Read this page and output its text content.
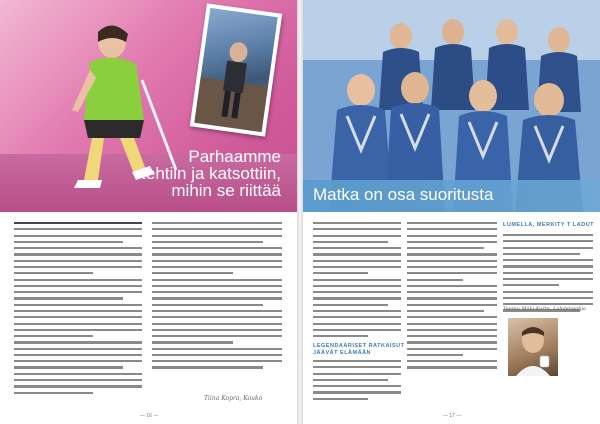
Parhaamme
tehtiin ja katsottiin,
mihin se riittää
Tiina Kopra, Kouko
— 16 —
Matka on osa suoritusta
LEGENDAARISET RATKAISUT JÄÄVÄT ELÄMÄÄN
LUMELLA, MERKITY T LADUT
Teemu Mäki-Korte, Lahdenpohja
— 17 —
